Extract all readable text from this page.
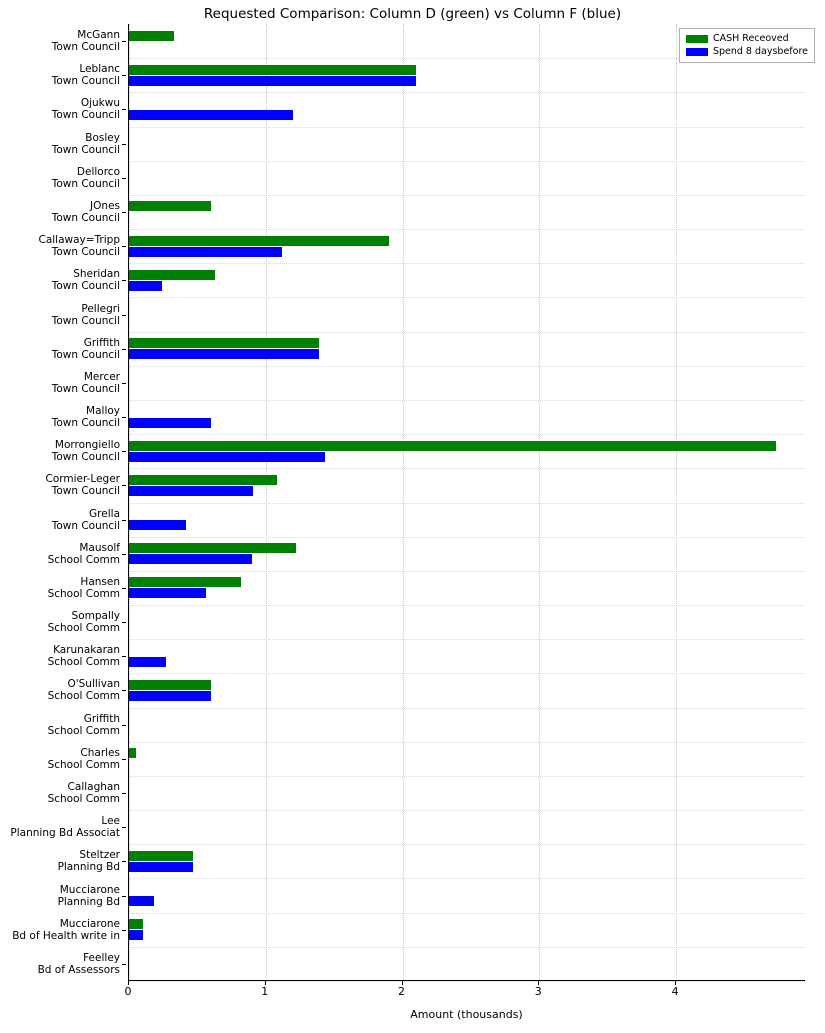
Requested Comparison: Column D (green) vs Column F (blue)
Feelley
Bd of Assessors
Mucciarone
Bd of Health write in
Mucciarone
Planning Bd
Steltzer
Planning Bd
Lee
Planning Bd Associat
Callaghan
School Comm
Charles
School Comm
Griffith
School Comm
O'Sullivan
School Comm
Karunakaran
School Comm
Sompally
School Comm
Hansen
School Comm
Mausolf
School Comm
Grella
Town Council
Cormier-Leger
Town Council
Morrongiello
Town Council
Malloy
Town Council
Mercer
Town Council
Griffith
Town Council
Pellegri
Town Council
Sheridan
Town Council
Callaway=Tripp
Town Council
JOnes
Town Council
Dellorco
Town Council
Bosley
Town Council
Ojukwu
Town Council
Leblanc
Town Council
McGann
Town Council
0	1	2	3	4
Amount (thousands)
CASH Receoved
Spend 8 daysbefore
